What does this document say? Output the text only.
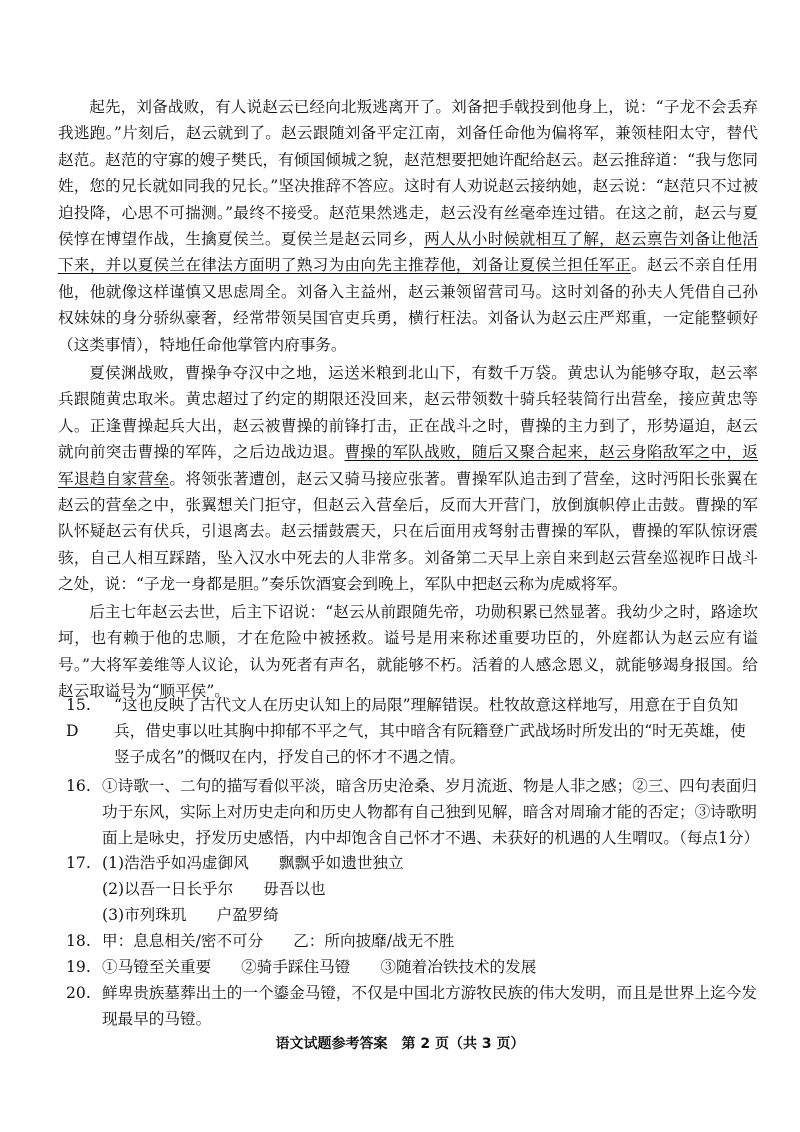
起先，刘备战败，有人说赵云已经向北叛逃离开了。刘备把手戟投到他身上，说：“子龙不会丢弃我逃跑。”片刻后，赵云就到了。赵云跟随刘备平定江南，刘备任命他为偏将军，兼领桂阳太守，替代赵范。赵范的守寡的嫂子樊氏，有倾国倾城之貌，赵范想要把她许配给赵云。赵云推辞道：“我与您同姓，您的兄长就如同我的兄长。”坚决推辞不答应。这时有人劝说赵云接纳她，赵云说：“赵范只不过被迫投降，心思不可揣测。”最终不接受。赵范果然逃走，赵云没有丝毫牵连过错。在这之前，赵云与夏侯惇在博望作战，生擒夏侯兰。夏侯兰是赵云同乡，两人从小时候就相互了解，赵云禀告刘备让他活下来，并以夏侯兰在律法方面明了熟习为由向先主推荐他，刘备让夏侯兰担任军正。赵云不亲自任用他，他就像这样谨慎又思虑周全。刘备入主益州，赵云兼领留营司马。这时刘备的孙夫人凭借自己孙权妹妹的身分骄纵豪奢，经常带领吴国官吏兵勇，横行枉法。刘备认为赵云庄严郑重，一定能整顿好（这类事情），特地任命他掌管内府事务。

夏侯渊战败，曹操争夺汉中之地，运送米粮到北山下，有数千万袋。黄忠认为能够夺取，赵云率兵跟随黄忠取米。黄忠超过了约定的期限还没回来，赵云带领数十骑兵轻装简行出营垒，接应黄忠等人。正逢曹操起兵大出，赵云被曹操的前锋打击，正在战斗之时，曹操的主力到了，形势逼迫，赵云就向前突击曹操的军阵，之后边战边退。曹操的军队战败，随后又聚合起来，赵云身陷敌军之中，返军退趋自家营垒。将领张著遭创，赵云又骑马接应张著。曹操军队追击到了营垒，这时沔阳长张翼在赵云的营垒之中，张翼想关门拒守，但赵云入营垒后，反而大开营门，放倒旗帜停止击鼓。曹操的军队怀疑赵云有伏兵，引退离去。赵云擂鼓震天，只在后面用戎弩射击曹操的军队，曹操的军队惊讶震骇，自己人相互踩踏，坠入汉水中死去的人非常多。刘备第二天早上亲自来到赵云营垒巡视昨日战斗之处，说：“子龙一身都是胆。”奏乐饮酒宴会到晚上，军队中把赵云称为虎威将军。

后主七年赵云去世，后主下诏说：“赵云从前跟随先帝，功勋积累已然显著。我幼少之时，路途坎坷，也有赖于他的忠顺，才在危险中被拯救。谥号是用来称述重要功臣的，外庭都认为赵云应有谥号。”大将军姜维等人议论，认为死者有声名，就能够不朽。活着的人感念恩义，就能够竭身报国。给赵云取谥号为“顺平侯”。

15. D
“这也反映了古代文人在历史认知上的局限”理解错误。杜牧故意这样地写，用意在于自负知兵，借史事以吐其胸中抑郁不平之气，其中暗含有阮籍登广武战场时所发出的“时无英雄，使竖子成名”的慨叹在内，抒发自己的怀才不遇之情。
16. ①诗歌一、二句的描写看似平淡，暗含历史沧桑、岁月流逝、物是人非之感；②三、四句表面归功于东风，实际上对历史走向和历史人物都有自己独到见解，暗含对周瑜才能的否定；③诗歌明面上是咏史，抒发历史感悟，内中却饱含自己怀才不遇、未获好的机遇的人生喟叹。（每点1分）
17. (1)浩浩乎如冯虚御风 飘飘乎如遗世独立
(2)以吾一日长乎尔 毋吾以也
(3)市列珠玑 户盈罗绮
18. 甲：息息相关/密不可分 乙：所向披靡/战无不胜
19. ①马镫至关重要 ②骑手踩住马镫 ③随着冶铁技术的发展
20. 鲜卑贵族墓葬出土的一个鎏金马镫，不仅是中国北方游牧民族的伟大发明，而且是世界上迄今发现最早的马镫。
语文试题参考答案　第 2 页（共 3 页）
